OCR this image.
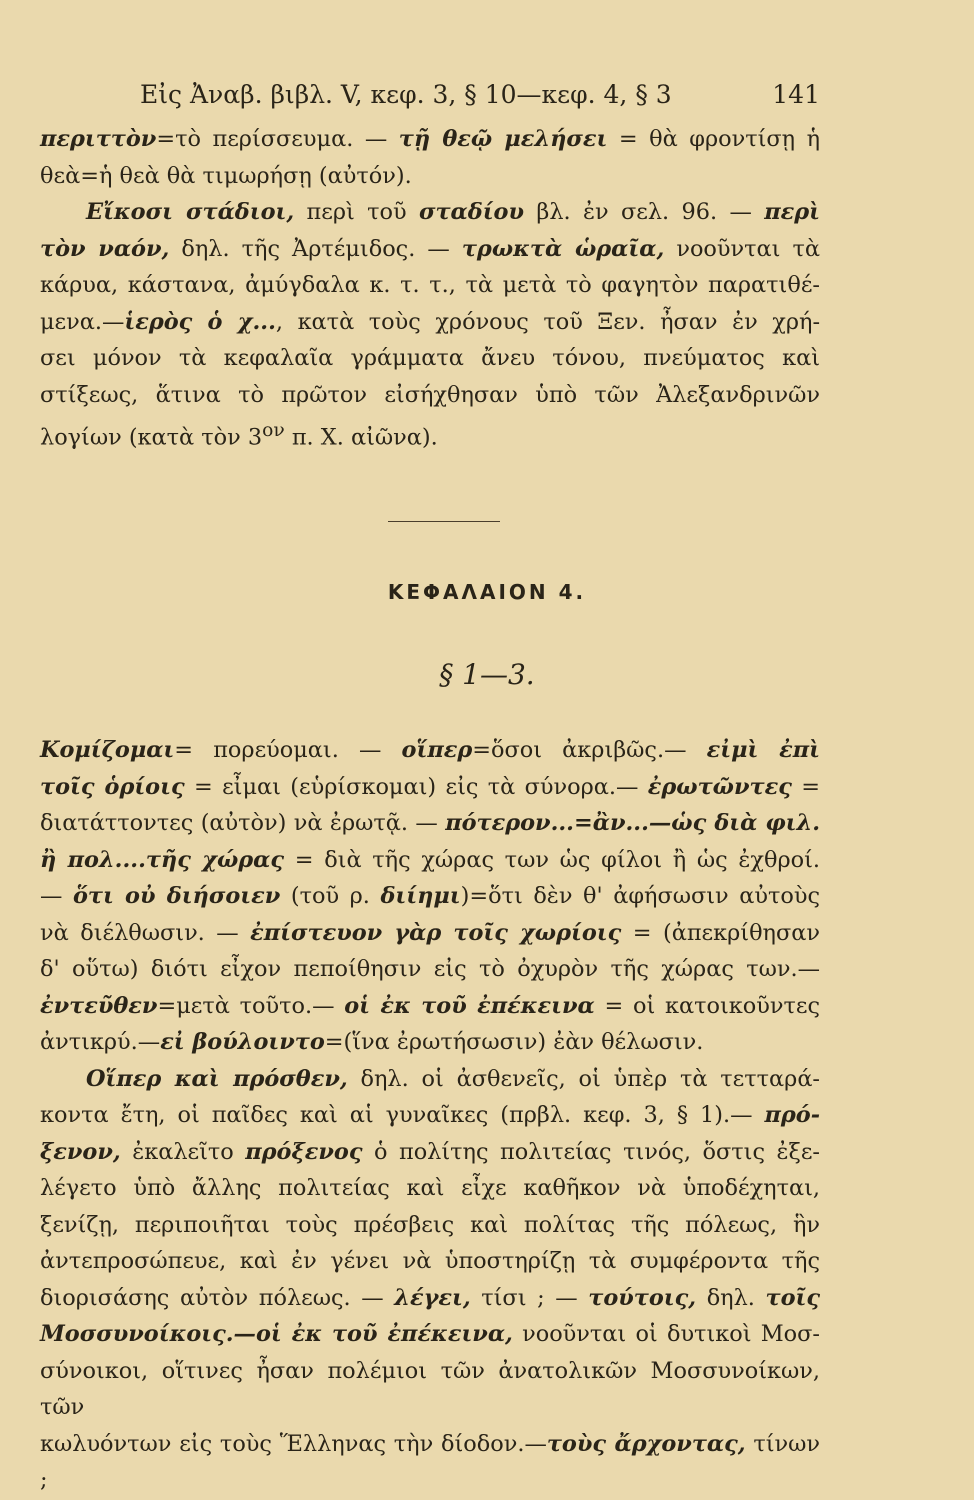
Εἰς Ἀναβ. βιβλ. V, κεφ. 3, § 10—κεφ. 4, § 3	141

περιττὸν=τὸ περίσσευμα. — τῇ θεῷ μελήσει = θὰ φροντίσῃ ἡ

θεὰ=ἡ θεὰ θὰ τιμωρήσῃ (αὐτόν).

Εἴκοσι στάδιοι, περὶ τοῦ σταδίου βλ. ἐν σελ. 96. — περὶ

τὸν ναόν, δηλ. τῆς Ἀρτέμιδος. — τρωκτὰ ὡραῖα, νοοῦνται τὰ

κάρυα, κάστανα, ἀμύγδαλα κ. τ. τ., τὰ μετὰ τὸ φαγητὸν παρατιθέ-

μενα.—ἱερὸς ὁ χ..., κατὰ τοὺς χρόνους τοῦ Ξεν. ἦσαν ἐν χρή-

σει μόνον τὰ κεφαλαῖα γράμματα ἄνευ τόνου, πνεύματος καὶ

στίξεως, ἅτινα τὸ πρῶτον εἰσήχθησαν ὑπὸ τῶν Ἀλεξανδρινῶν

λογίων (κατὰ τὸν $3^{o\nu}$ π. Χ. αἰῶνα).

ΚΕΦΑΛΑΙΟΝ 4.
§ 1—3.

Κομίζομαι= πορεύομαι. — οἵπερ=ὅσοι ἀκριβῶς.— εἰμὶ ἐπὶ

τοῖς ὁρίοις = εἶμαι (εὑρίσκομαι) εἰς τὰ σύνορα.— ἐρωτῶντες =

διατάττοντες (αὐτὸν) νὰ ἐρωτᾷ. — πότερον...=ἂν...—ὡς διὰ φιλ.

ἢ πολ....τῆς χώρας = διὰ τῆς χώρας των ὡς φίλοι ἢ ὡς ἐχθροί.

— ὅτι οὐ διήσοιεν (τοῦ ρ. διίημι)=ὅτι δὲν θ' ἀφήσωσιν αὐτοὺς

νὰ διέλθωσιν. — ἐπίστευον γὰρ τοῖς χωρίοις = (ἀπεκρίθησαν

δ' οὕτω) διότι εἶχον πεποίθησιν εἰς τὸ ὀχυρὸν τῆς χώρας των.—

ἐντεῦθεν=μετὰ τοῦτο.— οἱ ἐκ τοῦ ἐπέκεινα = οἱ κατοικοῦντες

ἀντικρύ.—εἰ βούλοιντο=(ἵνα ἐρωτήσωσιν) ἐὰν θέλωσιν.

Οἵπερ καὶ πρόσθεν, δηλ. οἱ ἀσθενεῖς, οἱ ὑπὲρ τὰ τετταρά-

κοντα ἔτη, οἱ παῖδες καὶ αἱ γυναῖκες (πρβλ. κεφ. 3, § 1).— πρό-

ξενον, ἐκαλεῖτο πρόξενος ὁ πολίτης πολιτείας τινός, ὅστις ἐξε-

λέγετο ὑπὸ ἄλλης πολιτείας καὶ εἶχε καθῆκον νὰ ὑποδέχηται,

ξενίζῃ, περιποιῆται τοὺς πρέσβεις καὶ πολίτας τῆς πόλεως, ἣν

ἀντεπροσώπευε, καὶ ἐν γένει νὰ ὑποστηρίζῃ τὰ συμφέροντα τῆς

διορισάσης αὐτὸν πόλεως. — λέγει, τίσι ; — τούτοις, δηλ. τοῖς

Μοσσυνοίκοις.—οἱ ἐκ τοῦ ἐπέκεινα, νοοῦνται οἱ δυτικοὶ Μοσ-

σύνοικοι, οἵτινες ἦσαν πολέμιοι τῶν ἀνατολικῶν Μοσσυνοίκων, τῶν

κωλυόντων εἰς τοὺς Ἕλληνας τὴν δίοδον.—τοὺς ἄρχοντας, τίνων ;
